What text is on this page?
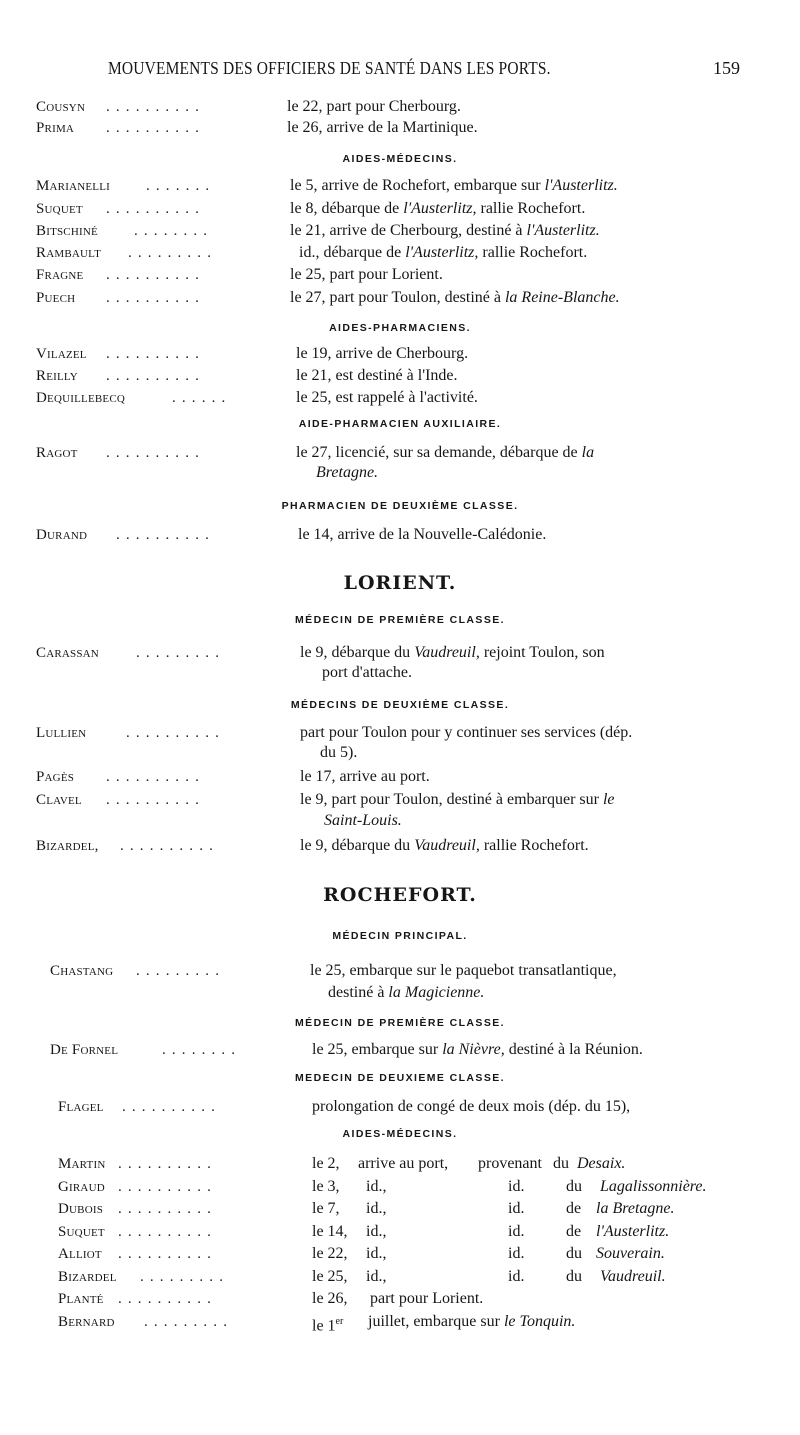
MOUVEMENTS DES OFFICIERS DE SANTÉ DANS LES PORTS.	159
Cousyn . . . . . . . . . .	le 22, part pour Cherbourg.
Prima . . . . . . . . . .	le 26, arrive de la Martinique.
AIDES-MÉDECINS.
Marianelli . . . . . . .	le 5, arrive de Rochefort, embarque sur l'Austerlitz.
Suquet . . . . . . . . . .	le 8, débarque de l'Austerlitz, rallie Rochefort.
Bitschiné . . . . . . . .	le 21, arrive de Cherbourg, destiné à l'Austerlitz.
Rambault . . . . . . . . .	id., débarque de l'Austerlitz, rallie Rochefort.
Fragne . . . . . . . . . .	le 25, part pour Lorient.
Puech . . . . . . . . . .	le 27, part pour Toulon, destiné à la Reine-Blanche.
AIDES-PHARMACIENS.
Vilazel . . . . . . . . . .	le 19, arrive de Cherbourg.
Reilly . . . . . . . . . .	le 21, est destiné à l'Inde.
Dequillebecq	. . . . . .	le 25, est rappelé à l'activité.
AIDE-PHARMACIEN AUXILIAIRE.
Ragot . . . . . . . . . .	le 27, licencié, sur sa demande, débarque de la
Bretagne.
PHARMACIEN DE DEUXIÈME CLASSE.
Durand . . . . . . . . . .	le 14, arrive de la Nouvelle-Calédonie.
LORIENT.
MÉDECIN DE PREMIÈRE CLASSE.
Carassan . . . . . . . . .	le 9, débarque du Vaudreuil, rejoint Toulon, son
port d'attache.
MÉDECINS DE DEUXIÈME CLASSE.
Lullien	. . . . . . . . . .	part pour Toulon pour y continuer ses services (dép.
du 5).
Pagès . . . . . . . . . .	le 17, arrive au port.
Clavel . . . . . . . . . .	le 9, part pour Toulon, destiné à embarquer sur le
Saint-Louis.
Bizardel, . . . . . . . . . .	le 9, débarque du Vaudreuil, rallie Rochefort.
ROCHEFORT.
MÉDECIN PRINCIPAL.
Chastang . . . . . . . . .	le 25, embarque sur le paquebot transatlantique,
destiné à la Magicienne.
MÉDECIN DE PREMIÈRE CLASSE.
De Fornel	. . . . . . . .	le 25, embarque sur la Nièvre, destiné à la Réunion.
MEDECIN DE DEUXIEME CLASSE.
Flagel . . . . . . . . . .	prolongation de congé de deux mois (dép. du 15),
AIDES-MÉDECINS.
Martin . . . . . . . . . .	le 2, arrive au port, provenant du Desaix.
Giraud . . . . . . . . . .	le 3, id.,	id.	du Lagalissonnière.
Dubois . . . . . . . . . .	le 7, id.,	id.	de la Bretagne.
Suquet . . . . . . . . . .	le 14, id.,	id.	de l'Austerlitz.
Alliot . . . . . . . . . .	le 22, id.,	id.	du Souverain.
Bizardel . . . . . . . . .	le 25, id.,	id.	du Vaudreuil.
Planté . . . . . . . . . .	le 26, part pour Lorient.
Bernard . . . . . . . . .	le 1er juillet, embarque sur le Tonquin.
